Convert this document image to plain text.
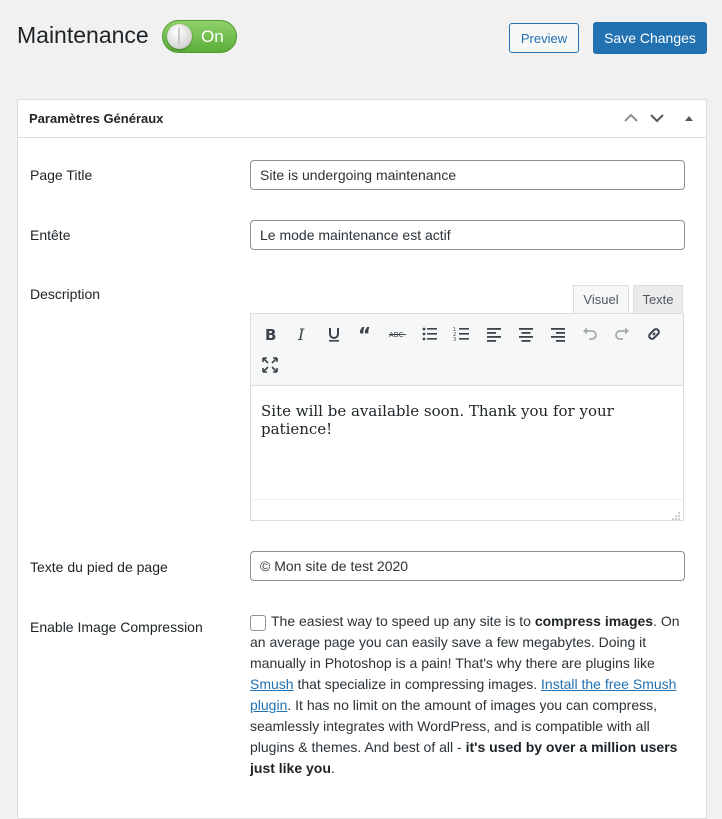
Maintenance	On	Preview	Save Changes
Paramètres Généraux
Page Title	Site is undergoing maintenance
Entête	Le mode maintenance est actif
Description	Visuel	Texte
B I	“	1
2
3
Site will be available soon. Thank you for your patience!
Texte du pied de page	© Mon site de test 2020
Enable Image Compression	The easiest way to speed up any site is to compress images. On an average page you can easily save a few megabytes. Doing it manually in Photoshop is a pain! That's why there are plugins like Smush that specialize in compressing images. Install the free Smush plugin. It has no limit on the amount of images you can compress, seamlessly integrates with WordPress, and is compatible with all plugins & themes. And best of all - it's used by over a million users just like you.
